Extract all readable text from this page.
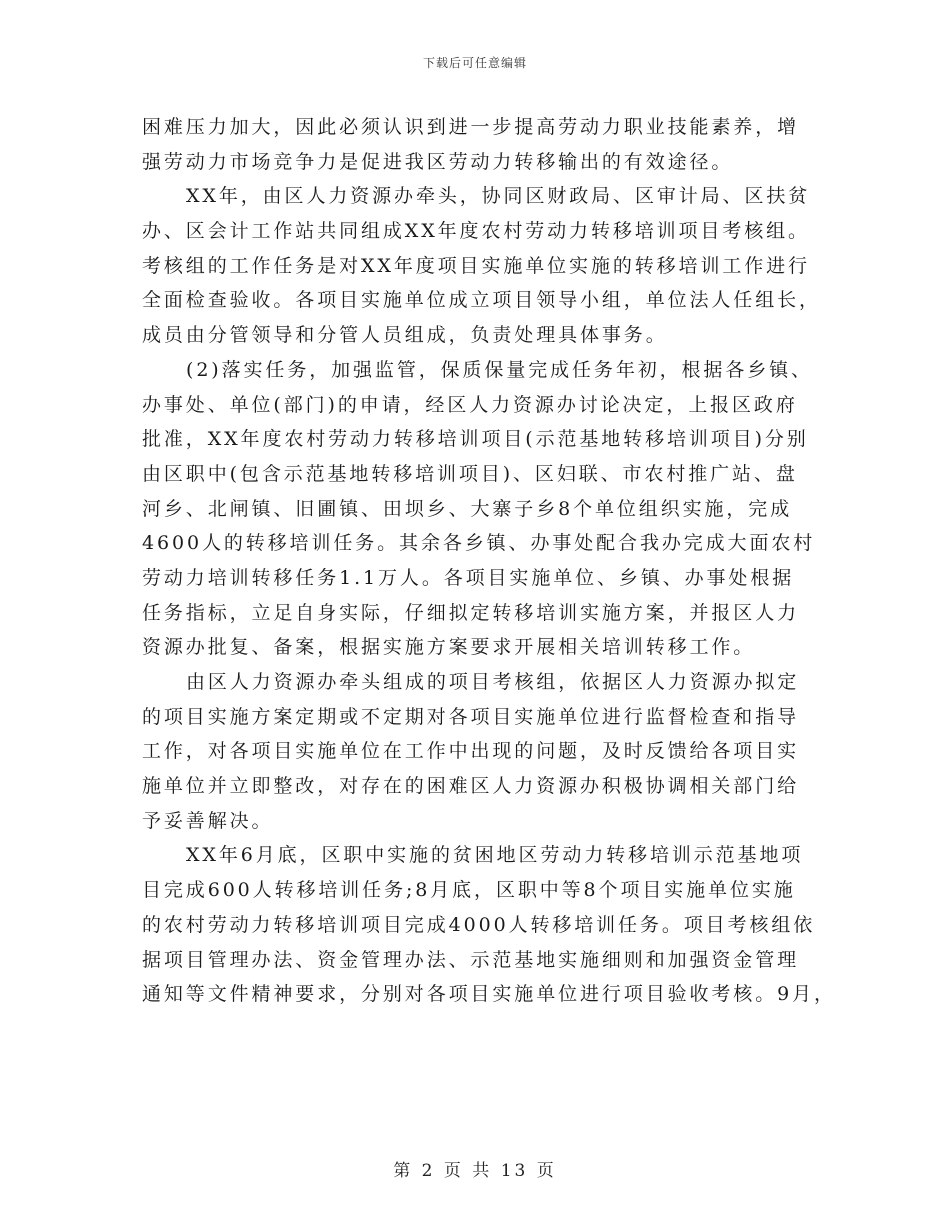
下载后可任意编辑
困难压力加大，因此必须认识到进一步提高劳动力职业技能素养，增
强劳动力市场竞争力是促进我区劳动力转移输出的有效途径。
XX年，由区人力资源办牵头，协同区财政局、区审计局、区扶贫
办、区会计工作站共同组成XX年度农村劳动力转移培训项目考核组。
考核组的工作任务是对XX年度项目实施单位实施的转移培训工作进行
全面检查验收。各项目实施单位成立项目领导小组，单位法人任组长，
成员由分管领导和分管人员组成，负责处理具体事务。
(2)落实任务，加强监管，保质保量完成任务年初，根据各乡镇、
办事处、单位(部门)的申请，经区人力资源办讨论决定，上报区政府
批准，XX年度农村劳动力转移培训项目(示范基地转移培训项目)分别
由区职中(包含示范基地转移培训项目)、区妇联、市农村推广站、盘
河乡、北闸镇、旧圃镇、田坝乡、大寨子乡8个单位组织实施，完成
4600人的转移培训任务。其余各乡镇、办事处配合我办完成大面农村
劳动力培训转移任务1.1万人。各项目实施单位、乡镇、办事处根据
任务指标，立足自身实际，仔细拟定转移培训实施方案，并报区人力
资源办批复、备案，根据实施方案要求开展相关培训转移工作。
由区人力资源办牵头组成的项目考核组，依据区人力资源办拟定
的项目实施方案定期或不定期对各项目实施单位进行监督检查和指导
工作，对各项目实施单位在工作中出现的问题，及时反馈给各项目实
施单位并立即整改，对存在的困难区人力资源办积极协调相关部门给
予妥善解决。
XX年6月底，区职中实施的贫困地区劳动力转移培训示范基地项
目完成600人转移培训任务;8月底，区职中等8个项目实施单位实施
的农村劳动力转移培训项目完成4000人转移培训任务。项目考核组依
据项目管理办法、资金管理办法、示范基地实施细则和加强资金管理
通知等文件精神要求，分别对各项目实施单位进行项目验收考核。9月，
第 2 页 共 13 页
